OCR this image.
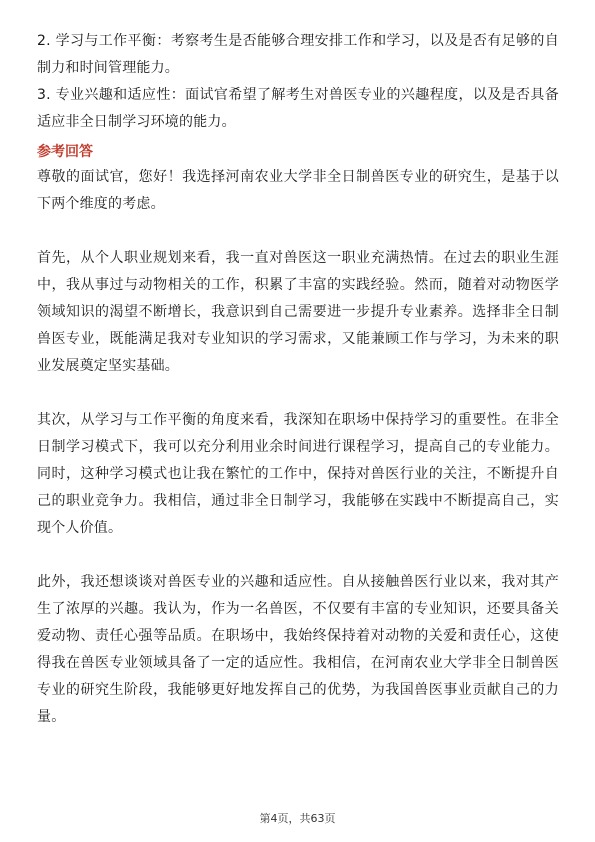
2. 学习与工作平衡：考察考生是否能够合理安排工作和学习，以及是否有足够的自制力和时间管理能力。

3. 专业兴趣和适应性：面试官希望了解考生对兽医专业的兴趣程度，以及是否具备适应非全日制学习环境的能力。

参考回答

尊敬的面试官，您好！我选择河南农业大学非全日制兽医专业的研究生，是基于以下两个维度的考虑。

首先，从个人职业规划来看，我一直对兽医这一职业充满热情。在过去的职业生涯中，我从事过与动物相关的工作，积累了丰富的实践经验。然而，随着对动物医学领域知识的渴望不断增长，我意识到自己需要进一步提升专业素养。选择非全日制兽医专业，既能满足我对专业知识的学习需求，又能兼顾工作与学习，为未来的职业发展奠定坚实基础。

其次，从学习与工作平衡的角度来看，我深知在职场中保持学习的重要性。在非全日制学习模式下，我可以充分利用业余时间进行课程学习，提高自己的专业能力。同时，这种学习模式也让我在繁忙的工作中，保持对兽医行业的关注，不断提升自己的职业竞争力。我相信，通过非全日制学习，我能够在实践中不断提高自己，实现个人价值。

此外，我还想谈谈对兽医专业的兴趣和适应性。自从接触兽医行业以来，我对其产生了浓厚的兴趣。我认为，作为一名兽医，不仅要有丰富的专业知识，还要具备关爱动物、责任心强等品质。在职场中，我始终保持着对动物的关爱和责任心，这使得我在兽医专业领域具备了一定的适应性。我相信，在河南农业大学非全日制兽医专业的研究生阶段，我能够更好地发挥自己的优势，为我国兽医事业贡献自己的力量。

第4页，共63页
